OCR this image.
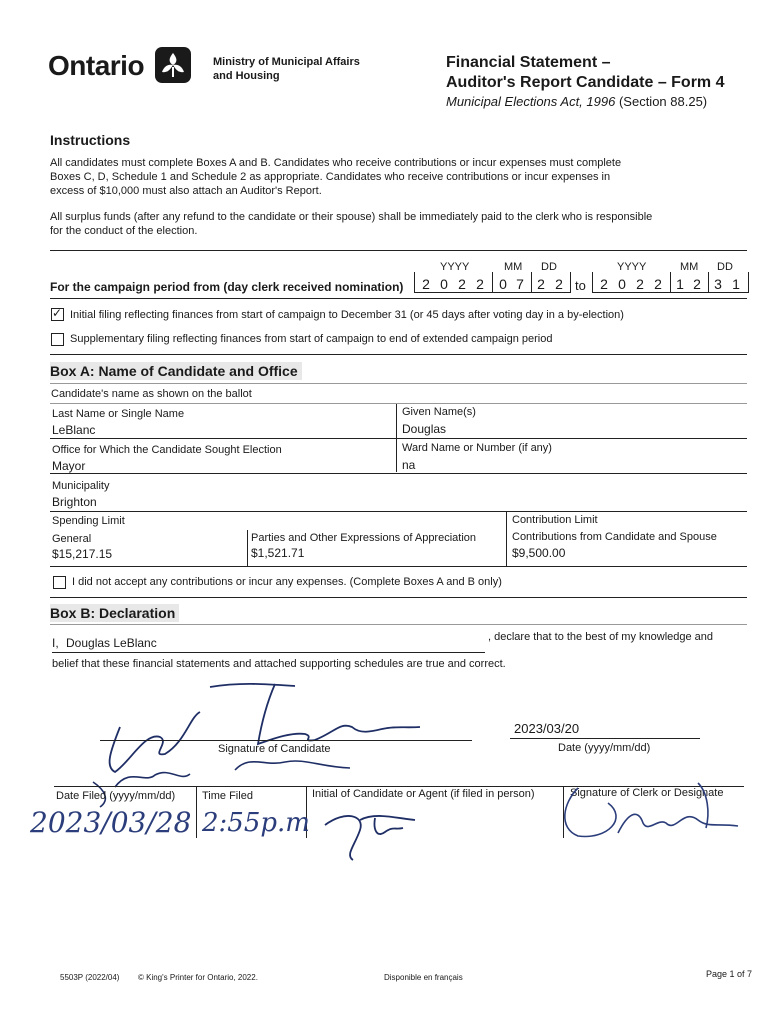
Ontario	Ministry of Municipal Affairs
and Housing
Financial Statement –
Auditor's Report Candidate – Form 4
Municipal Elections Act, 1996 (Section 88.25)
Instructions
All candidates must complete Boxes A and B. Candidates who receive contributions or incur expenses must complete
Boxes C, D, Schedule 1 and Schedule 2 as appropriate. Candidates who receive contributions or incur expenses in
excess of $10,000 must also attach an Auditor's Report.
All surplus funds (after any refund to the candidate or their spouse) shall be immediately paid to the clerk who is responsible
for the conduct of the election.
YYYY	MM DD	YYYY	MM DD
For the campaign period from (day clerk received nomination) 2 0 2 2 0 7 2 2 to 2 0 2 2 1 2 3 1
✓ Initial filing reflecting finances from start of campaign to December 31 (or 45 days after voting day in a by-election)
Supplementary filing reflecting finances from start of campaign to end of extended campaign period
Box A: Name of Candidate and Office
Candidate's name as shown on the ballot
Last Name or Single Name
LeBlanc
Given Name(s)
Douglas
Office for Which the Candidate Sought Election
Mayor
Ward Name or Number (if any)
na
Municipality
Brighton
Spending Limit
General
$15,217.15
Parties and Other Expressions of Appreciation
$1,521.71
Contribution Limit
Contributions from Candidate and Spouse
$9,500.00
I did not accept any contributions or incur any expenses. (Complete Boxes A and B only)
Box B: Declaration
I, Douglas LeBlanc	, declare that to the best of my knowledge and
belief that these financial statements and attached supporting schedules are true and correct.
Signature of Candidate
2023/03/20
Date (yyyy/mm/dd)
Date Filed (yyyy/mm/dd) Time Filed	Initial of Candidate or Agent (if filed in person)	Signature of Clerk or Designate
2023/03/28 2:55p.m
5503P (2022/04) © King's Printer for Ontario, 2022.	Disponible en français	Page 1 of 7
